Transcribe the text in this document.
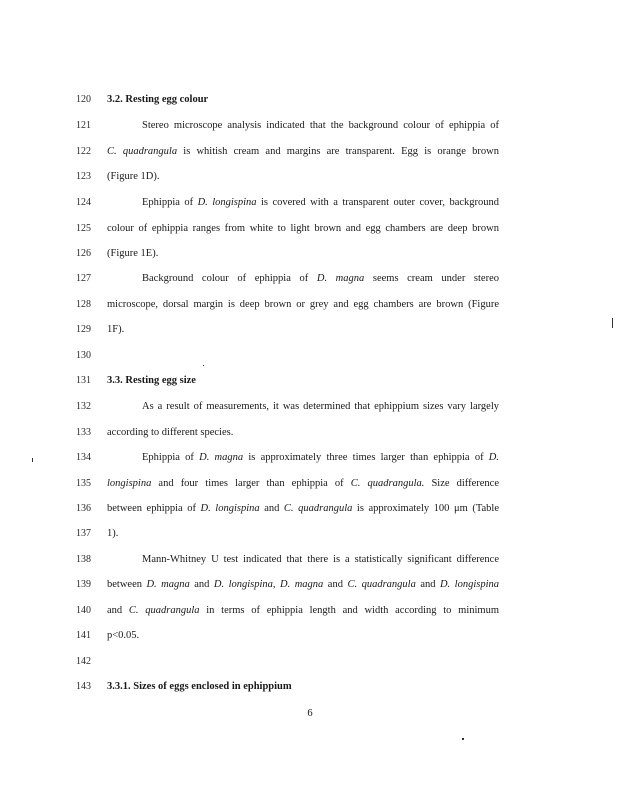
120	3.2. Resting egg colour
121	Stereo microscope analysis indicated that the background colour of ephippia of
122	C. quadrangula is whitish cream and margins are transparent. Egg is orange brown
123	(Figure 1D).
124	Ephippia of D. longispina is covered with a transparent outer cover, background
125	colour of ephippia ranges from white to light brown and egg chambers are deep brown
126	(Figure 1E).
127	Background colour of ephippia of D. magna seems cream under stereo
128	microscope, dorsal margin is deep brown or grey and egg chambers are brown (Figure
129	1F).
130
131	3.3. Resting egg size
132	As a result of measurements, it was determined that ephippium sizes vary largely
133	according to different species.
134	Ephippia of D. magna is approximately three times larger than ephippia of D.
135	longispina and four times larger than ephippia of C. quadrangula. Size difference
136	between ephippia of D. longispina and C. quadrangula is approximately 100 μm (Table
137	1).
138	Mann-Whitney U test indicated that there is a statistically significant difference
139	between D. magna and D. longispina, D. magna and C. quadrangula and D. longispina
140	and C. quadrangula in terms of ephippia length and width according to minimum
141	p<0.05.
142
143	3.3.1. Sizes of eggs enclosed in ephippium
6
